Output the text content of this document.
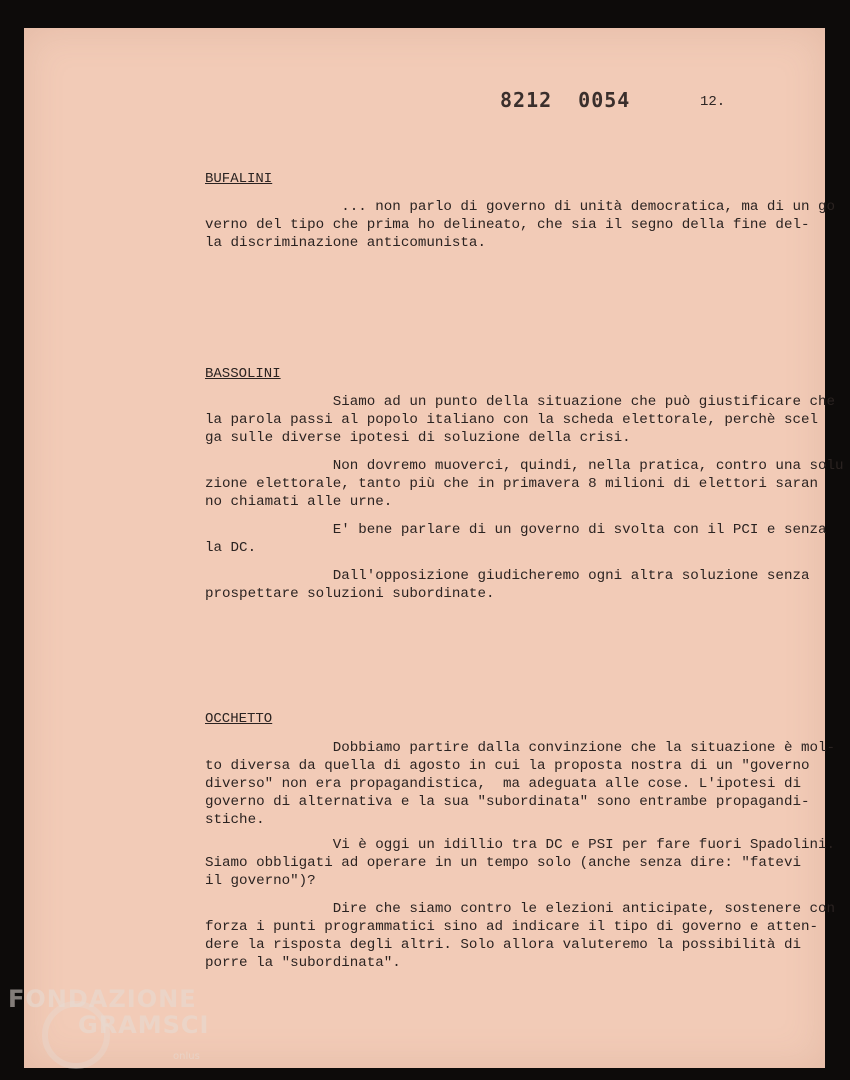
8212 0054	12.
BUFALINI
... non parlo di governo di unità democratica, ma   go
verno del tipo che prima ho delineato, che sia il segno della fine
la discriminazione anticomunista.
BASSOLINI
Siamo ad un punto della situazione che può giustificare
la parola passi al popolo italiano con la scheda elettorale, perchè
ga sulle diverse ipotesi di soluzione della crisi.
Non dovremo muoverci, quindi, nella pratica, contro  solu
zione elettorale, tanto più che in primavera 8 milioni di elettori
no chiamati alle urne.
E' bene parlare di un governo di svolta con il PCI e
la DC.
Dall'opposizione giudicheremo ogni altra soluzione
prospettare soluzioni subordinate.
OCCHETTO
Dobbiamo partire dalla convinzione che la situazione
to diversa da quella di agosto in cui la proposta nostra di un
diverso" non era propagandistica,  ma adeguata alle cose. L'ipotesi
governo di alternativa e la sua "subordinata" sono entrambe propagandi-
stiche.
Vi è oggi un idillio tra DC e PSI per fare fuori
Siamo obbligati ad operare in un tempo solo (anche senza dire: "fatevi
il governo")?
Dire che siamo contro le elezioni anticipate, sostenere
forza i punti programmatici sino ad indicare il tipo di governo e
dere la risposta degli altri. Solo allora valuteremo la possibilità
porre la "subordinata".
FONDAZIONE
GRAMSCI
onlus
